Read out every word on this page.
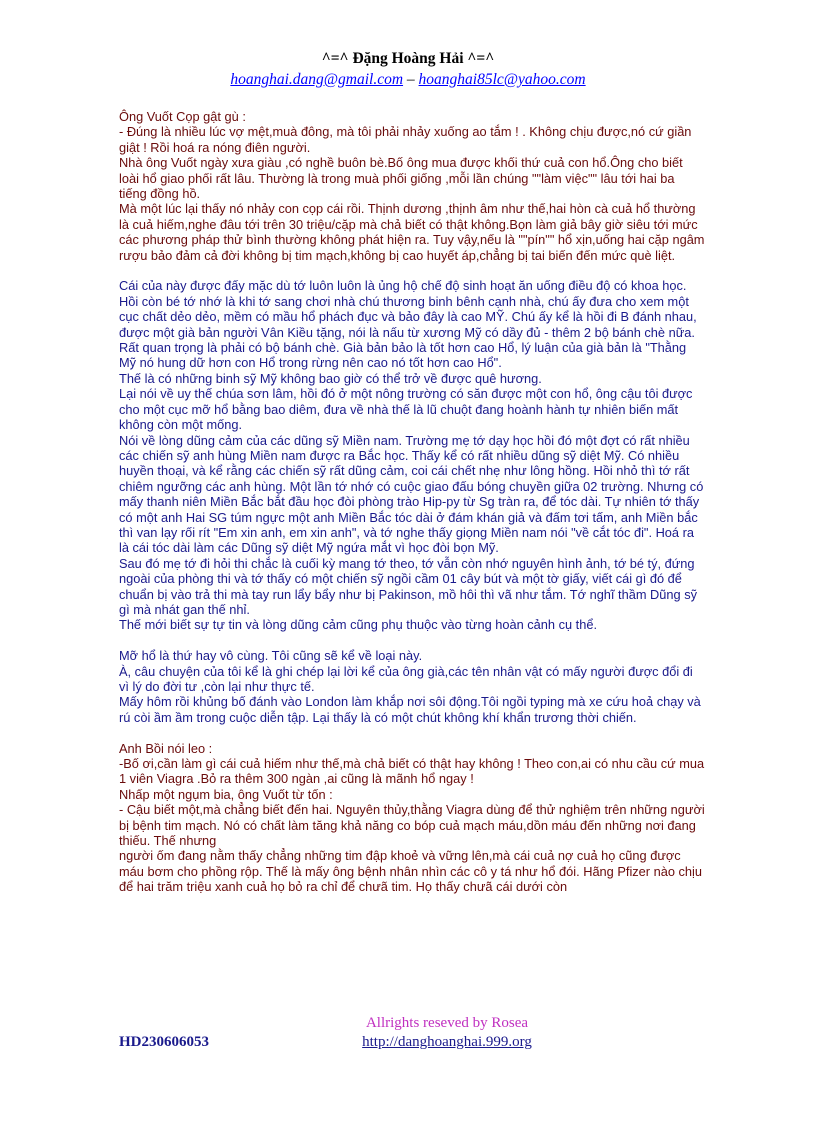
^=^ Đặng Hoàng Hải ^=^
hoanghai.dang@gmail.com – hoanghai85lc@yahoo.com

Ông Vuốt Cọp gật gù :

- Đúng là nhiều lúc vợ mệt,muà đông, mà tôi phải nhảy xuống ao tắm ! . Không chịu được,nó cứ giần giật ! Rồi hoá ra nóng điên người.

Nhà ông Vuốt ngày xưa giàu ,có nghề buôn bè.Bố ông mua được khối thứ cuả con hổ.Ông cho biết loài hổ giao phối rất lâu. Thường là trong muà phối giống ,mỗi lần chúng ""làm việc"" lâu tới hai ba tiếng đồng hồ.

Mà một lúc lại thấy nó nhảy con cọp cái rồi. Thịnh dương ,thịnh âm như thế,hai hòn cà cuả hổ thường là cuả hiếm,nghe đâu tới trên 30 triệu/cặp mà chả biết có thật không.Bọn làm giả bây giờ siêu tới mức các phương pháp thử bình thường không phát hiện ra. Tuy vậy,nếu là ""pín"" hổ xịn,uống hai cặp ngâm rượu bảo đảm cả đời không bị tim mạch,không bị cao huyết áp,chẳng bị tai biến đến mức què liệt.

Cái của này được đấy mặc dù tớ luôn luôn là ủng hộ chế độ sinh hoạt ăn uống điều độ có khoa học. Hồi còn bé tớ nhớ là khi tớ sang chơi nhà chú thương binh bênh cạnh nhà, chú ấy đưa cho xem một cục chất dẻo dẻo, mềm có mầu hổ phách đục và bảo đây là cao MỸ. Chú ấy kể là hồi đi B đánh nhau, được một già bản người Vân Kiều tặng, nói là nấu từ xương Mỹ có dầy đủ - thêm 2 bộ bánh chè nữa. Rất quan trọng là phải có bộ bánh chè. Già bản bảo là tốt hơn cao Hổ, lý luận của già bản là "Thằng Mỹ nó hung dữ hơn con Hổ trong rừng nên cao nó tốt hơn cao Hổ".

Thế là có những binh sỹ Mỹ không bao giờ có thể trở về được quê hương.

Lại nói về uy thế chúa sơn lâm, hồi đó ở một nông trường có săn được một con hổ, ông cậu tôi được cho một cục mỡ hổ bằng bao diêm, đưa về nhà thế là lũ chuột đang hoành hành tự nhiên biến mất không còn một mống.

Nói về lòng dũng cảm của các dũng sỹ Miền nam. Trường mẹ tớ dạy học hồi đó một đợt có rất nhiều các chiến sỹ anh hùng Miền nam được ra Bắc học. Thấy kể có rất nhiều dũng sỹ diệt Mỹ. Có nhiều huyền thoại, và kể rằng các chiến sỹ rất dũng cảm, coi cái chết nhẹ như lông hồng. Hồi nhỏ thì tớ rất chiêm ngưỡng các anh hùng. Một lần tớ nhớ có cuộc giao đấu bóng chuyền giữa 02 trường. Nhưng có mấy thanh niên Miền Bắc bắt đầu học đòi phòng trào Hip-py từ Sg tràn ra, để tóc dài. Tự nhiên tớ thấy có một anh Hai SG túm ngực một anh Miền Bắc tóc dài ở đám khán giả và đấm tơi tấm, anh Miền bắc thì van lạy rối rít "Em xin anh, em xin anh", và tớ nghe thấy giọng Miền nam nói "về cắt tóc đi". Hoá ra là cái tóc dài làm các Dũng sỹ diệt Mỹ ngứa mắt vì học đòi bọn Mỹ.

Sau đó mẹ tớ đi hỏi thi chắc là cuối kỳ mang tớ theo, tớ vẫn còn nhớ nguyên hình ảnh, tớ bé tý, đứng ngoài của phòng thi và tớ thấy có một chiến sỹ ngồi cầm 01 cây bút và một tờ giấy, viết cái gì đó để chuẩn bị vào trả thi mà tay run lẩy bẩy như bị Pakinson, mồ hôi thì vã như tắm. Tớ nghĩ thầm Dũng sỹ gì mà nhát gan thế nhỉ.

Thế mới biết sự tự tin và lòng dũng cảm cũng phụ thuộc vào từng hoàn cảnh cụ thể.

Mỡ hổ là thứ hay vô cùng. Tôi cũng sẽ kể về loại này.

À, câu chuyện của tôi kể là ghi chép lại lời kể của ông già,các tên nhân vật có mấy người được đổi đi vì lý do đời tư ,còn lại như thực tế.

Mấy hôm rồi khủng bố đánh vào London làm khắp nơi sôi động.Tôi ngồi typing mà xe cứu hoả chạy và rú còi ầm ầm trong cuộc diễn tập. Lại thấy là có một chút không khí khẩn trương thời chiến.

Anh Bồi nói leo :

-Bố ơi,cần làm gì cái cuả hiếm như thế,mà chả biết có thật hay không ! Theo con,ai có nhu cầu cứ mua 1 viên Viagra .Bỏ ra thêm 300 ngàn ,ai cũng là mãnh hổ ngay !

Nhấp một ngụm bia, ông Vuốt từ tốn :

- Cậu biết một,mà chẳng biết đến hai. Nguyên thủy,thằng Viagra dùng để thử nghiệm trên những người bị bệnh tim mạch. Nó có chất làm tăng khả năng co bóp cuả mạch máu,dồn máu đến những nơi đang thiếu. Thế nhưng

người ốm đang nằm thấy chẳng những tim đập khoẻ và vững lên,mà cái cuả nợ cuả họ cũng được máu bơm cho phồng rộp. Thế là mấy ông bệnh nhân nhìn các cô y tá như hổ đói. Hãng Pfizer nào chịu để hai trăm triệu xanh cuả họ bỏ ra chỉ để chưã tim. Họ thấy chưã cái dưới còn

HD230606053
Allrights reseved by Rosea
http://danghoanghai.999.org
